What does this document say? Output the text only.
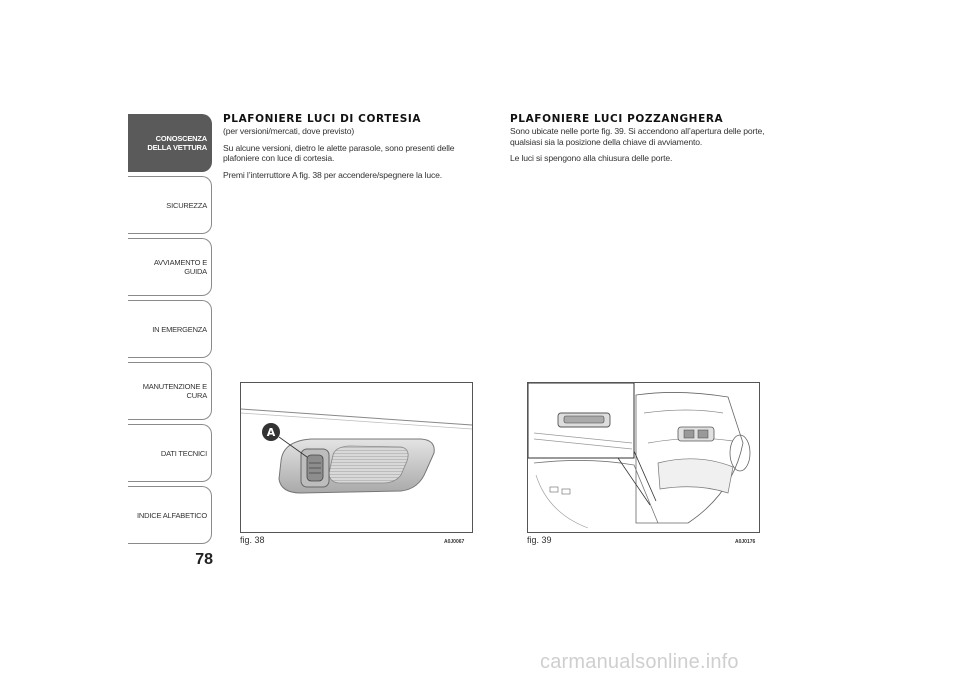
CONOSCENZA
DELLA VETTURA
SICUREZZA
AVVIAMENTO E
GUIDA
IN EMERGENZA
MANUTENZIONE E
CURA
DATI TECNICI
INDICE ALFABETICO
78
PLAFONIERE LUCI DI CORTESIA

(per versioni/mercati, dove previsto)

Su alcune versioni, dietro le alette parasole, sono presenti delle plafoniere con luce di cortesia.

Premi l’interruttore A fig. 38 per accendere/spegnere la luce.

PLAFONIERE LUCI POZZANGHERA

Sono ubicate nelle porte fig. 39. Si accendono all’apertura delle porte, qualsiasi sia la posizione della chiave di avviamento.

Le luci si spengono alla chiusura delle porte.

A
fig. 38	A0J0067	fig. 39	A0J0176
carmanualsonline.info
